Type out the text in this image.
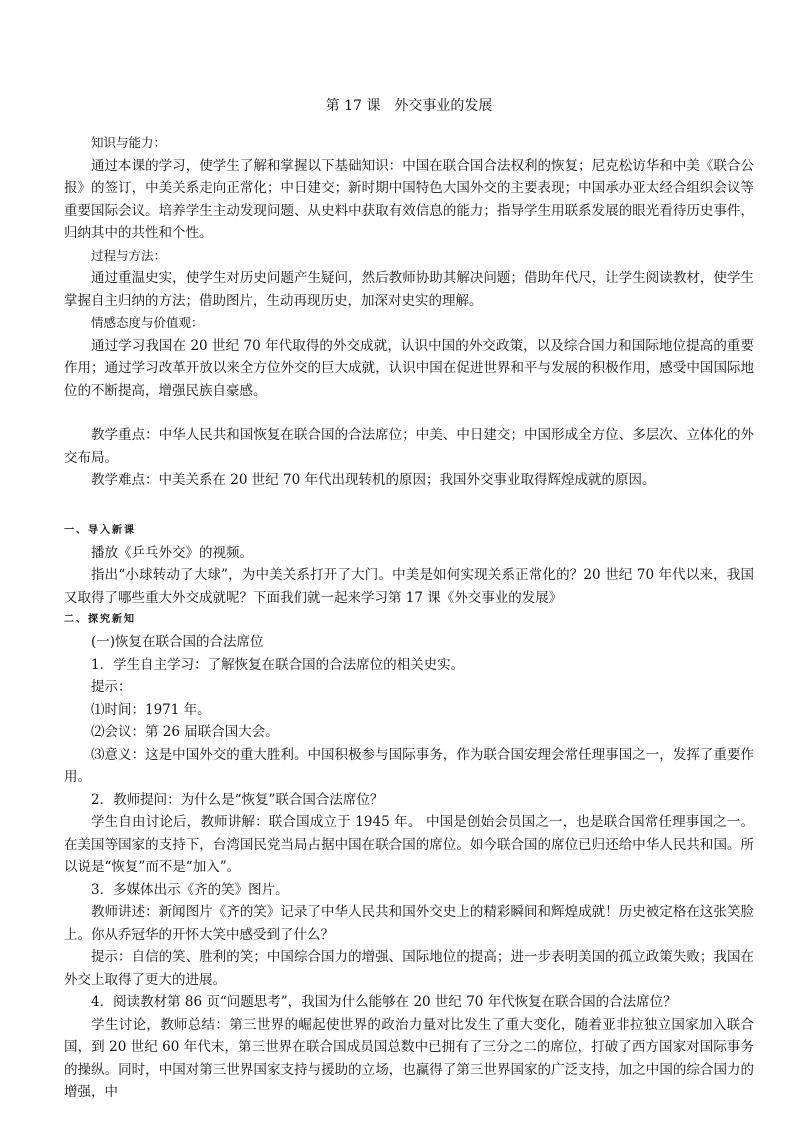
第 17 课　外交事业的发展

知识与能力：

通过本课的学习，使学生了解和掌握以下基础知识：中国在联合国合法权利的恢复；尼克松访华和中美《联合公报》的签订，中美关系走向正常化；中日建交；新时期中国特色大国外交的主要表现；中国承办亚太经合组织会议等重要国际会议。培养学生主动发现问题、从史料中获取有效信息的能力；指导学生用联系发展的眼光看待历史事件，归纳其中的共性和个性。

过程与方法：

通过重温史实，使学生对历史问题产生疑问，然后教师协助其解决问题；借助年代尺，让学生阅读教材，使学生掌握自主归纳的方法；借助图片，生动再现历史，加深对史实的理解。

情感态度与价值观：

通过学习我国在 20 世纪 70 年代取得的外交成就，认识中国的外交政策，以及综合国力和国际地位提高的重要作用；通过学习改革开放以来全方位外交的巨大成就，认识中国在促进世界和平与发展的积极作用，感受中国国际地位的不断提高，增强民族自豪感。

教学重点：中华人民共和国恢复在联合国的合法席位；中美、中日建交；中国形成全方位、多层次、立体化的外交布局。

教学难点：中美关系在 20 世纪 70 年代出现转机的原因；我国外交事业取得辉煌成就的原因。

一、导入新课

播放《乒乓外交》的视频。

指出“小球转动了大球”，为中美关系打开了大门。中美是如何实现关系正常化的？20 世纪 70 年代以来，我国又取得了哪些重大外交成就呢？下面我们就一起来学习第 17 课《外交事业的发展》

二、探究新知

(一)恢复在联合国的合法席位

1．学生自主学习：了解恢复在联合国的合法席位的相关史实。

提示：

⑴时间：1971 年。

⑵会议：第 26 届联合国大会。

⑶意义：这是中国外交的重大胜利。中国积极参与国际事务，作为联合国安理会常任理事国之一，发挥了重要作用。

2．教师提问：为什么是“恢复”联合国合法席位？

学生自由讨论后，教师讲解：联合国成立于 1945 年。 中国是创始会员国之一，也是联合国常任理事国之一。在美国等国家的支持下，台湾国民党当局占据中国在联合国的席位。如今联合国的席位已归还给中华人民共和国。所以说是“恢复”而不是“加入”。

3．多媒体出示《齐的笑》图片。

教师讲述：新闻图片《齐的笑》记录了中华人民共和国外交史上的精彩瞬间和辉煌成就！历史被定格在这张笑脸上。你从乔冠华的开怀大笑中感受到了什么？

提示：自信的笑、胜利的笑；中国综合国力的增强、国际地位的提高；进一步表明美国的孤立政策失败；我国在外交上取得了更大的进展。

4．阅读教材第 86 页“问题思考”，我国为什么能够在 20 世纪 70 年代恢复在联合国的合法席位？

学生讨论，教师总结：第三世界的崛起使世界的政治力量对比发生了重大变化，随着亚非拉独立国家加入联合国，到 20 世纪 60 年代末，第三世界在联合国成员国总数中已拥有了三分之二的席位，打破了西方国家对国际事务的操纵。同时，中国对第三世界国家支持与援助的立场，也赢得了第三世界国家的广泛支持，加之中国的综合国力的增强，中
